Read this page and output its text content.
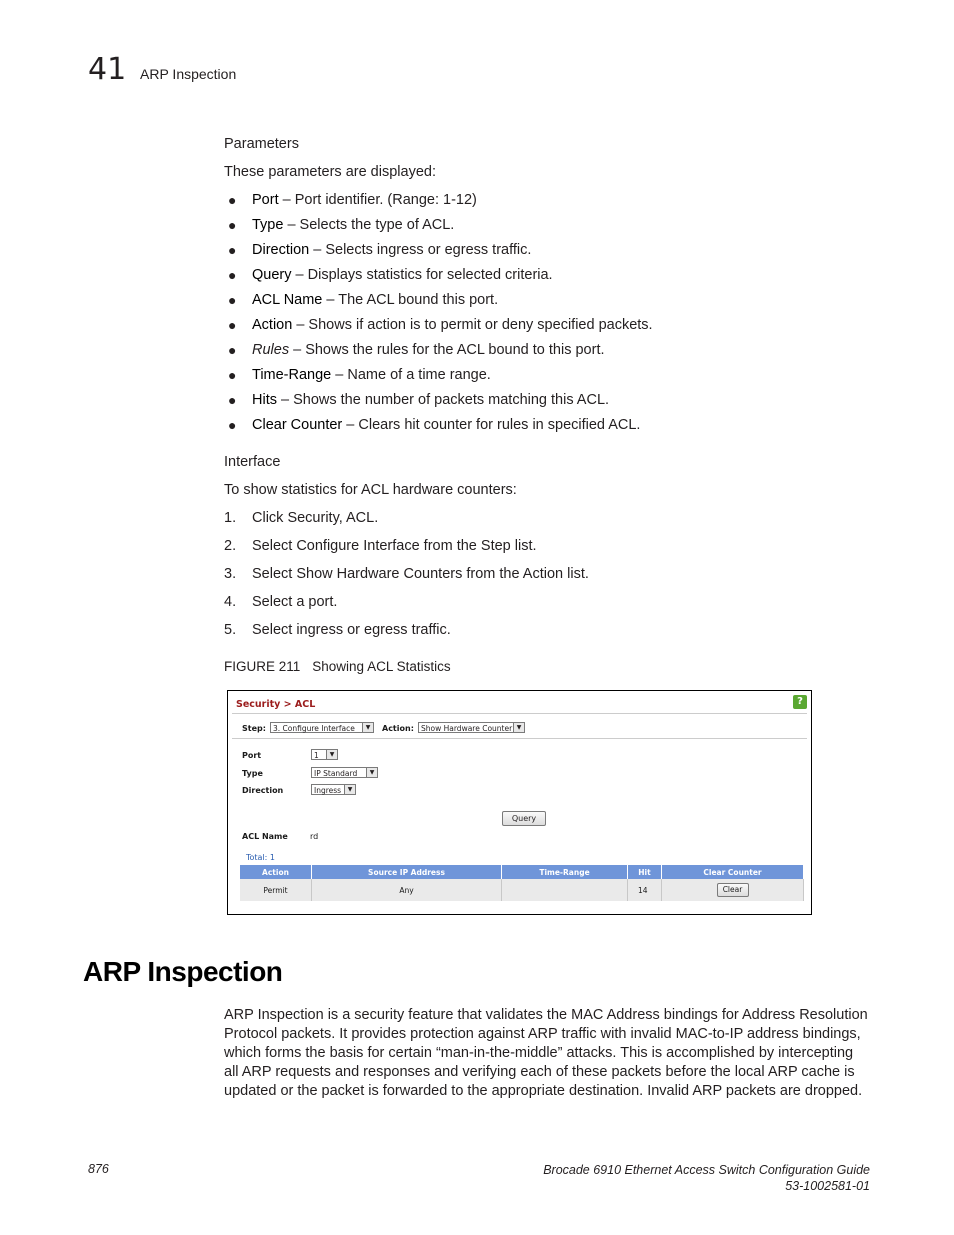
41 ARP Inspection
Parameters
These parameters are displayed:
● Port – Port identifier. (Range: 1-12)
● Type – Selects the type of ACL.
● Direction – Selects ingress or egress traffic.
● Query – Displays statistics for selected criteria.
● ACL Name – The ACL bound this port.
● Action – Shows if action is to permit or deny specified packets.
● Rules – Shows the rules for the ACL bound to this port.
● Time-Range – Name of a time range.
● Hits – Shows the number of packets matching this ACL.
● Clear Counter – Clears hit counter for rules in specified ACL.
Interface
To show statistics for ACL hardware counters:
1. Click Security, ACL.
2. Select Configure Interface from the Step list.
3. Select Show Hardware Counters from the Action list.
4. Select a port.
5. Select ingress or egress traffic.
FIGURE 211 Showing ACL Statistics
Security > ACL	?
Step: 3. Configure Interface	▼	Action: Show Hardware Counter ▼
Port	1	▼
Type	IP Standard	▼
Direction	Ingress	▼
Query
ACL Name	rd
Total: 1
Action	Source IP Address	Time-Range	Hit	Clear Counter
Permit	Any		14	Clear
ARP Inspection
ARP Inspection is a security feature that validates the MAC Address bindings for Address Resolution Protocol packets. It provides protection against ARP traffic with invalid MAC-to-IP address bindings, which forms the basis for certain “man-in-the-middle” attacks. This is accomplished by intercepting all ARP requests and responses and verifying each of these packets before the local ARP cache is updated or the packet is forwarded to the appropriate destination. Invalid ARP packets are dropped.
876	Brocade 6910 Ethernet Access Switch Configuration Guide
53-1002581-01
